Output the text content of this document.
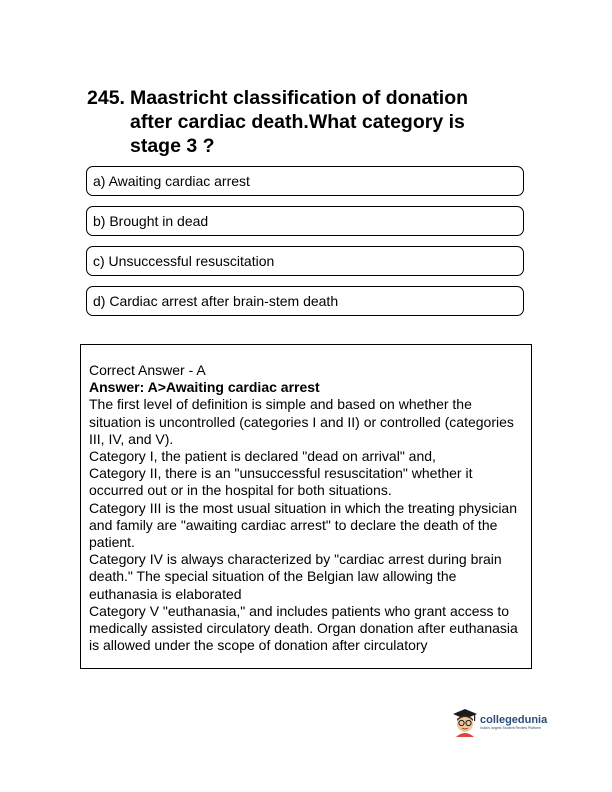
245. Maastricht classification of donation after cardiac death.What category is stage 3 ?
a) Awaiting cardiac arrest
b) Brought in dead
c) Unsuccessful resuscitation
d) Cardiac arrest after brain-stem death
Correct Answer - A
Answer: A>Awaiting cardiac arrest
The first level of definition is simple and based on whether the situation is uncontrolled (categories I and II) or controlled (categories III, IV, and V).
Category I, the patient is declared "dead on arrival" and,
Category II, there is an "unsuccessful resuscitation" whether it occurred out or in the hospital for both situations.
Category III is the most usual situation in which the treating physician and family are "awaiting cardiac arrest" to declare the death of the patient.
Category IV is always characterized by "cardiac arrest during brain death." The special situation of the Belgian law allowing the euthanasia is elaborated
Category V "euthanasia," and includes patients who grant access to medically assisted circulatory death. Organ donation after euthanasia is allowed under the scope of donation after circulatory
collegedunia
India's largest Student Review Platform
